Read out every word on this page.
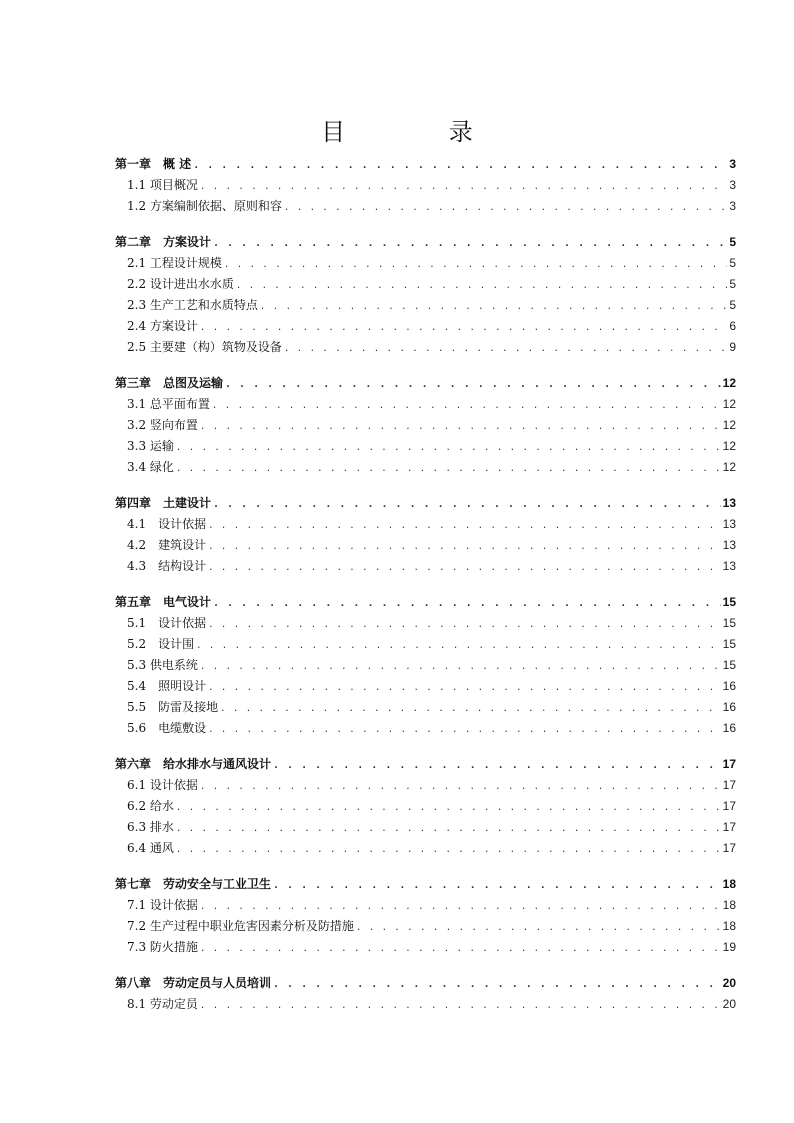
目 录
第一章　概 述 . . .	3
1.1 项目概况 . . .	3
1.2 方案编制依据、原则和容 . . .	3
第二章　方案设计 . . .	5
2.1 工程设计规模 . . .	5
2.2 设计进出水水质 . . .	5
2.3 生产工艺和水质特点 . . .	5
2.4 方案设计 . . .	6
2.5 主要建（构）筑物及设备 . . .	9
第三章　总图及运输 . . .	12
3.1 总平面布置 . . .	12
3.2 竖向布置 . . .	12
3.3 运输 . . .	12
3.4 绿化 . . .	12
第四章　土建设计 . . .	13
4.1　设计依据 . . .	13
4.2　建筑设计 . . .	13
4.3　结构设计 . . .	13
第五章　电气设计 . . .	15
5.1　设计依据 . . .	15
5.2　设计围 . . .	15
5.3 供电系统 . . .	15
5.4　照明设计 . . .	16
5.5　防雷及接地 . . .	16
5.6　电缆敷设 . . .	16
第六章　给水排水与通风设计 . . .	17
6.1 设计依据 . . .	17
6.2 给水 . . .	17
6.3 排水 . . .	17
6.4 通风 . . .	17
第七章　劳动安全与工业卫生 . . .	18
7.1 设计依据 . . .	18
7.2 生产过程中职业危害因素分析及防措施 . . .	18
7.3 防火措施 . . .	19
第八章　劳动定员与人员培训 . . .	20
8.1 劳动定员 . . .	20
